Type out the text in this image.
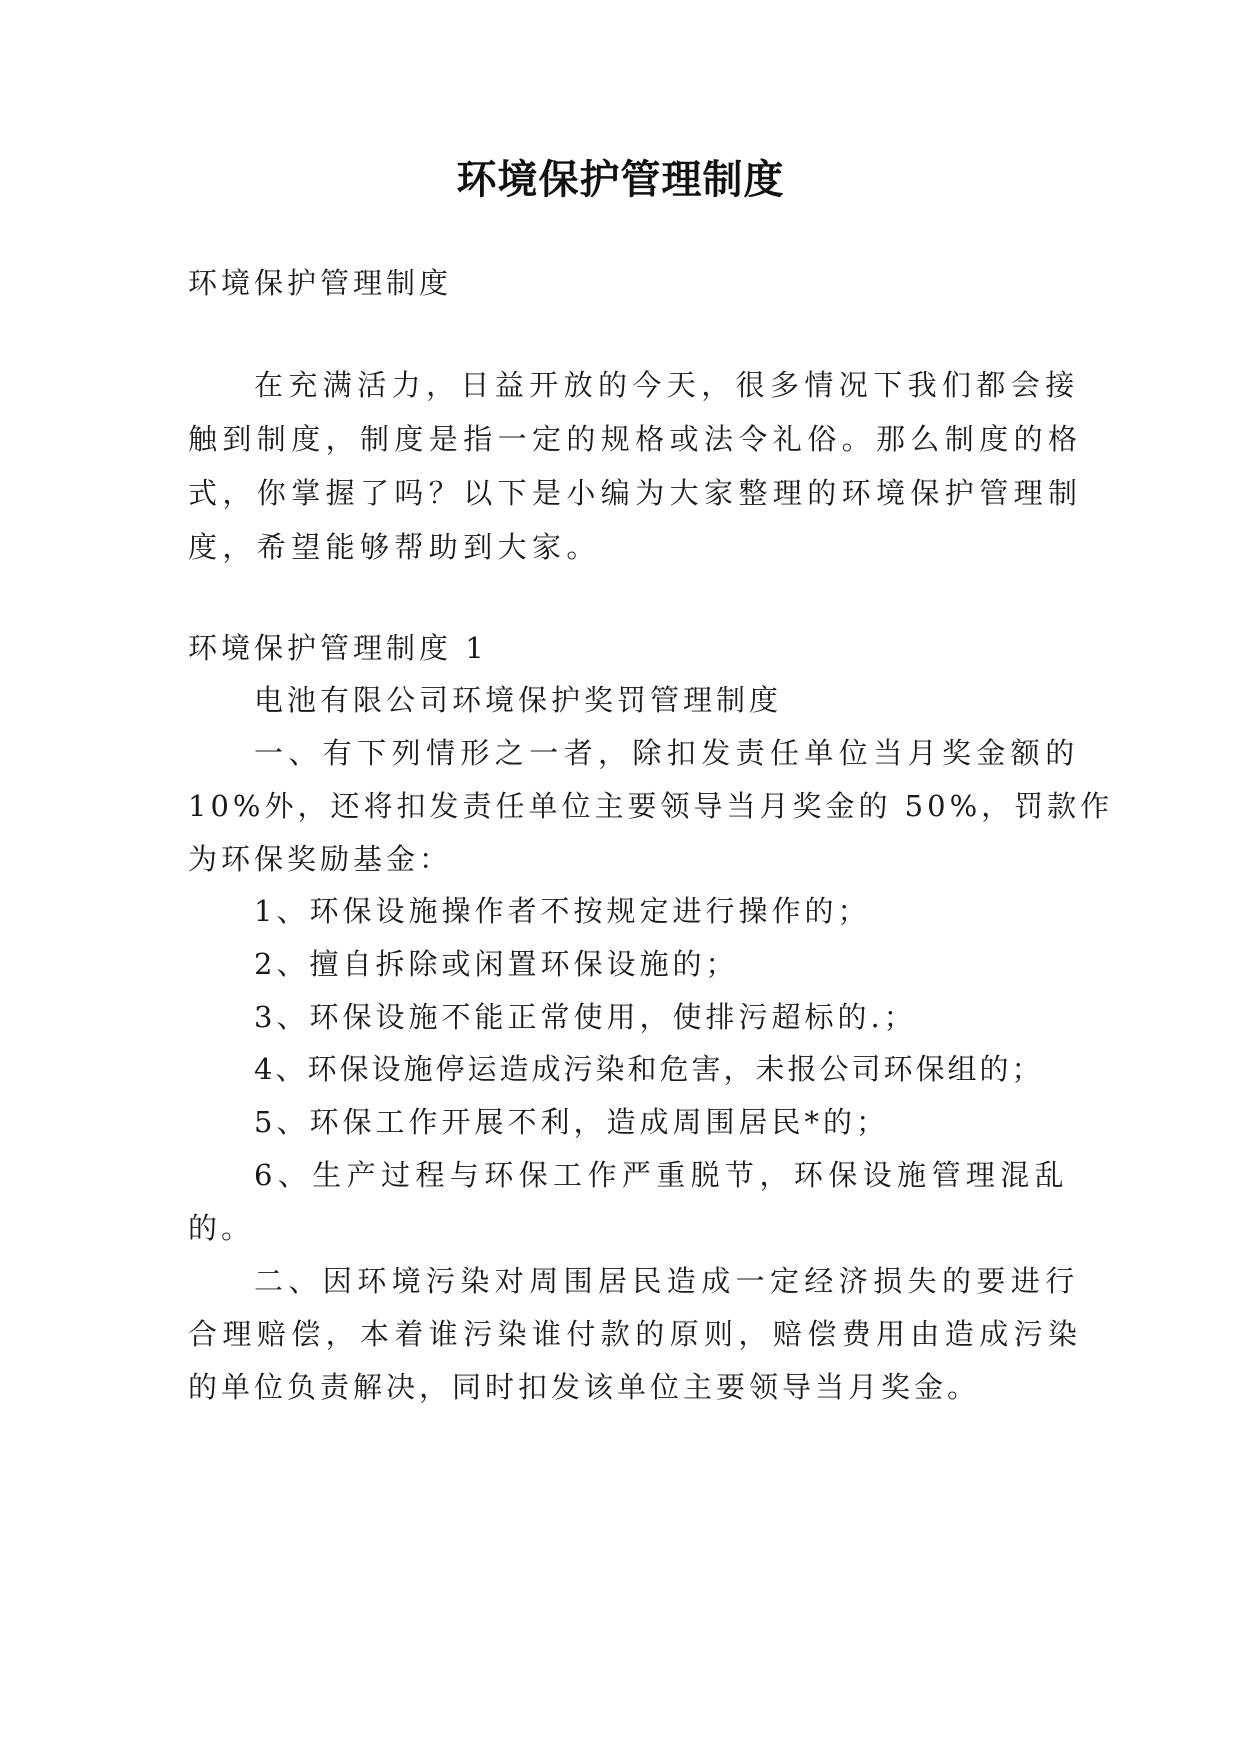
环境保护管理制度
环境保护管理制度
在充满活力，日益开放的今天，很多情况下我们都会接
触到制度，制度是指一定的规格或法令礼俗。那么制度的格
式，你掌握了吗？以下是小编为大家整理的环境保护管理制
度，希望能够帮助到大家。
环境保护管理制度 1
电池有限公司环境保护奖罚管理制度
一、有下列情形之一者，除扣发责任单位当月奖金额的
10%外，还将扣发责任单位主要领导当月奖金的 50%，罚款作
为环保奖励基金：
1、环保设施操作者不按规定进行操作的；
2、擅自拆除或闲置环保设施的；
3、环保设施不能正常使用，使排污超标的.；
4、环保设施停运造成污染和危害，未报公司环保组的；
5、环保工作开展不利，造成周围居民*的；
6、生产过程与环保工作严重脱节，环保设施管理混乱
的。
二、因环境污染对周围居民造成一定经济损失的要进行
合理赔偿，本着谁污染谁付款的原则，赔偿费用由造成污染
的单位负责解决，同时扣发该单位主要领导当月奖金。
